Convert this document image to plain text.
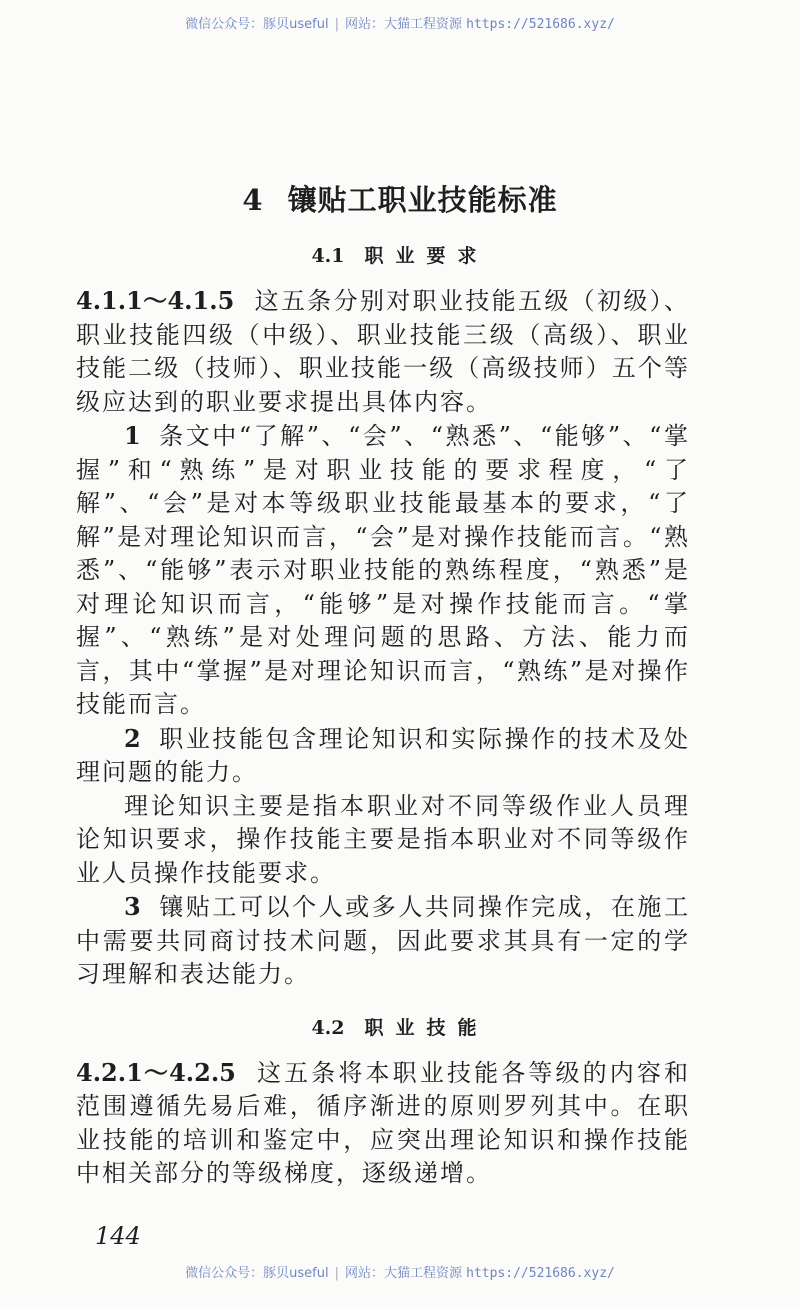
微信公众号：豚贝useful | 网站：大猫工程资源 https://521686.xyz/
4 镶贴工职业技能标准
4.1 职业要求

4.1.1～4.1.5 这五条分别对职业技能五级（初级）、职业技能四级（中级）、职业技能三级（高级）、职业技能二级（技师）、职业技能一级（高级技师）五个等级应达到的职业要求提出具体内容。

1 条文中“了解”、“会”、“熟悉”、“能够”、“掌握”和“熟练”是对职业技能的要求程度，“了解”、“会”是对本等级职业技能最基本的要求，“了解”是对理论知识而言，“会”是对操作技能而言。“熟悉”、“能够”表示对职业技能的熟练程度，“熟悉”是对理论知识而言，“能够”是对操作技能而言。“掌握”、“熟练”是对处理问题的思路、方法、能力而言，其中“掌握”是对理论知识而言，“熟练”是对操作技能而言。

2 职业技能包含理论知识和实际操作的技术及处理问题的能力。

理论知识主要是指本职业对不同等级作业人员理论知识要求，操作技能主要是指本职业对不同等级作业人员操作技能要求。

3 镶贴工可以个人或多人共同操作完成，在施工中需要共同商讨技术问题，因此要求其具有一定的学习理解和表达能力。

4.2 职业技能

4.2.1～4.2.5 这五条将本职业技能各等级的内容和范围遵循先易后难，循序渐进的原则罗列其中。在职业技能的培训和鉴定中，应突出理论知识和操作技能中相关部分的等级梯度，逐级递增。

144
微信公众号：豚贝useful | 网站：大猫工程资源 https://521686.xyz/
